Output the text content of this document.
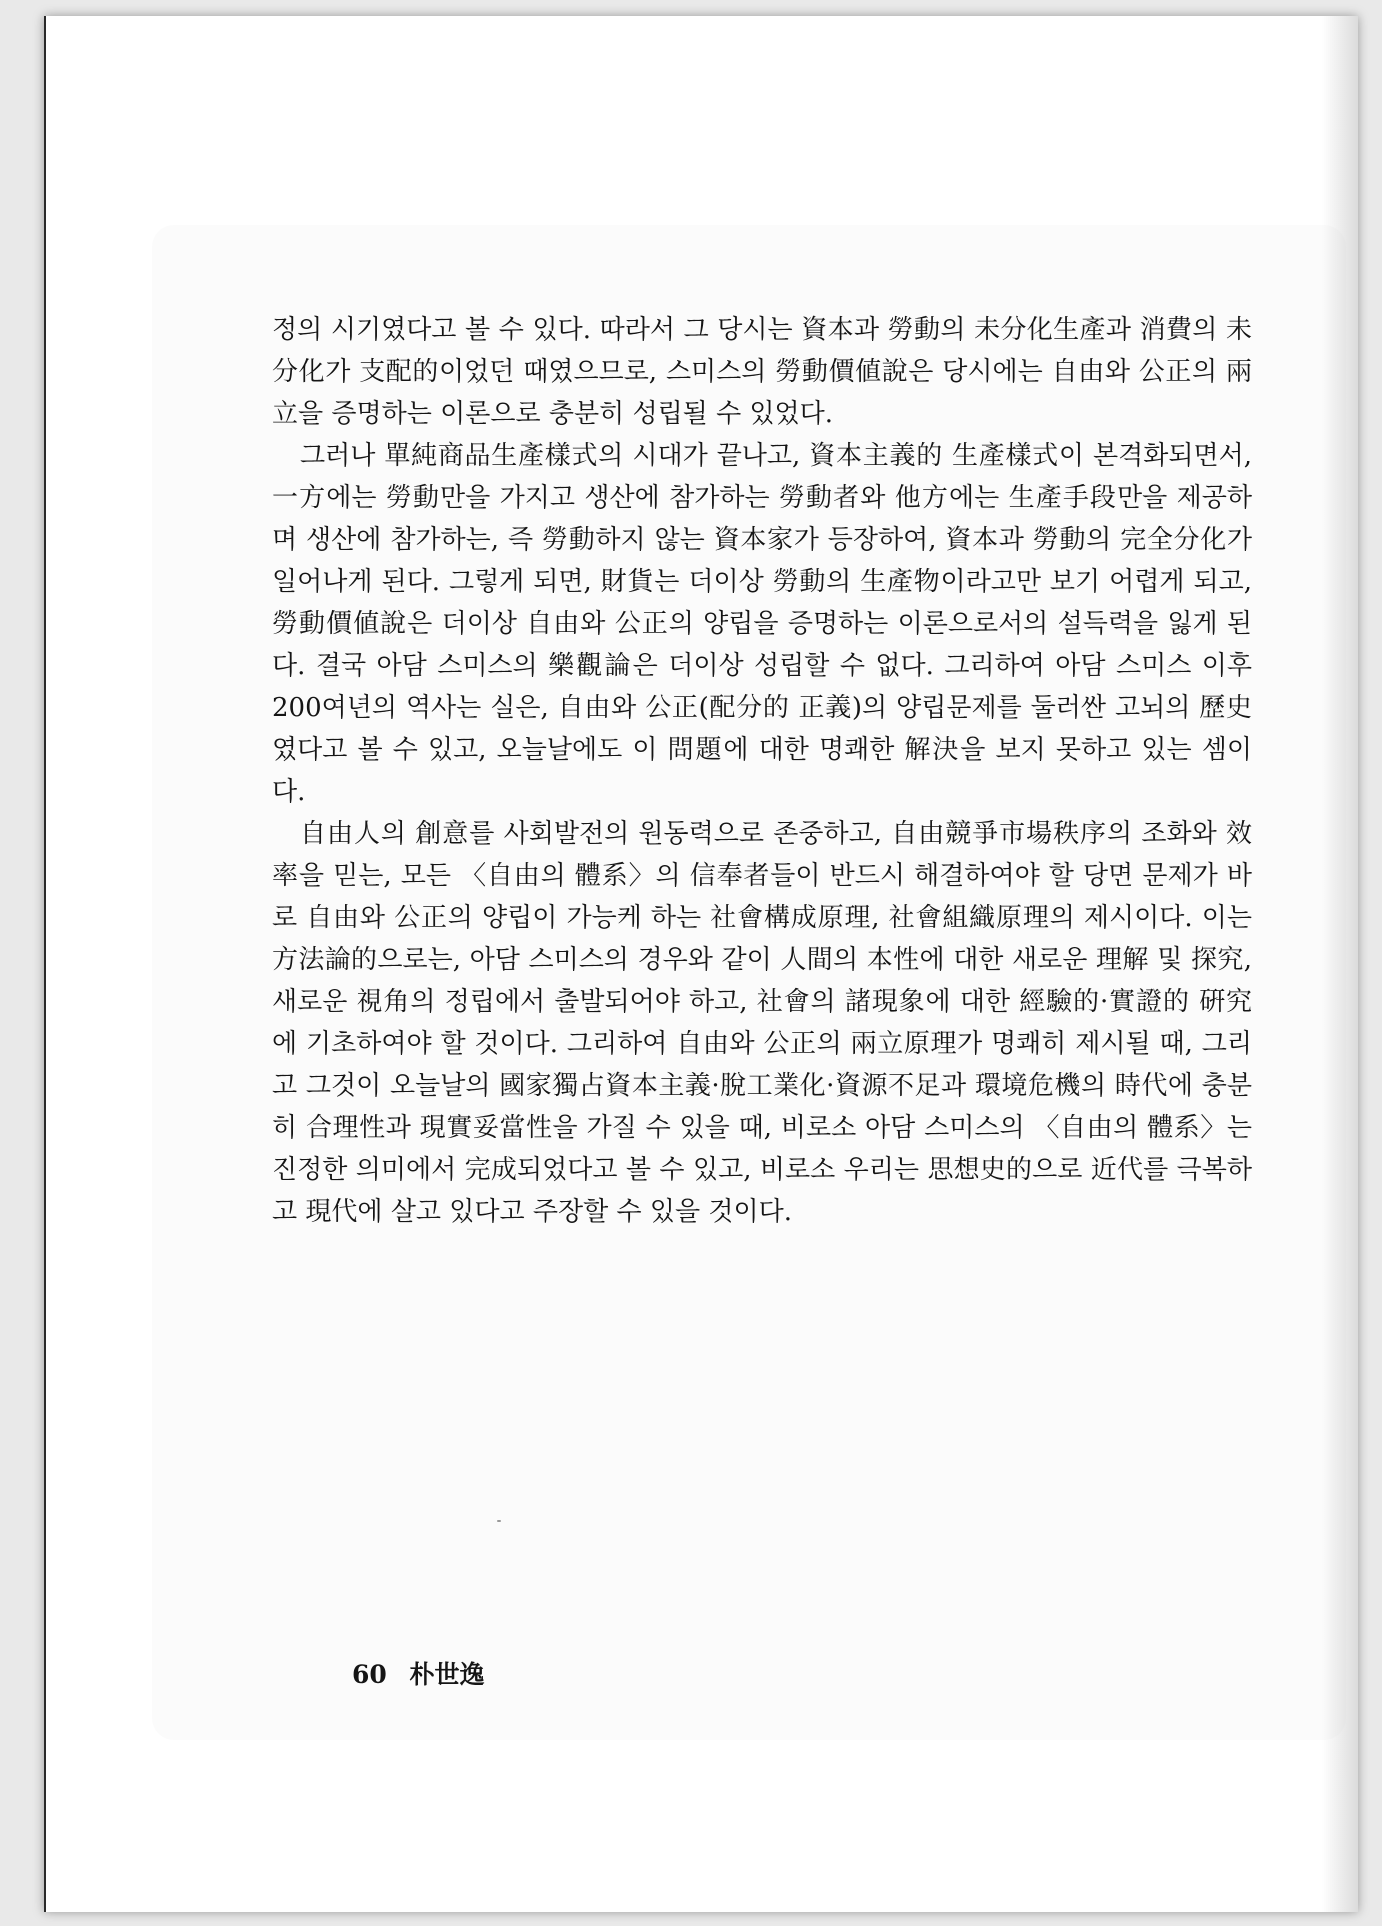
정의 시기였다고 볼 수 있다. 따라서 그 당시는 資本과 勞動의 未分化生產과 消費의 未分化가 支配的이었던 때였으므로, 스미스의 勞動價値說은 당시에는 自由와 公正의 兩立을 증명하는 이론으로 충분히 성립될 수 있었다.

그러나 單純商品生產樣式의 시대가 끝나고, 資本主義的 生產樣式이 본격화되면서, 一方에는 勞動만을 가지고 생산에 참가하는 勞動者와 他方에는 生產手段만을 제공하며 생산에 참가하는, 즉 勞動하지 않는 資本家가 등장하여, 資本과 勞動의 完全分化가 일어나게 된다. 그렇게 되면, 財貨는 더이상 勞動의 生產物이라고만 보기 어렵게 되고, 勞動價値說은 더이상 自由와 公正의 양립을 증명하는 이론으로서의 설득력을 잃게 된다. 결국 아담 스미스의 樂觀論은 더이상 성립할 수 없다. 그리하여 아담 스미스 이후 200여년의 역사는 실은, 自由와 公正(配分的 正義)의 양립문제를 둘러싼 고뇌의 歷史였다고 볼 수 있고, 오늘날에도 이 問題에 대한 명쾌한 解決을 보지 못하고 있는 셈이다.

自由人의 創意를 사회발전의 원동력으로 존중하고, 自由競爭市場秩序의 조화와 效率을 믿는, 모든 〈自由의 體系〉의 信奉者들이 반드시 해결하여야 할 당면 문제가 바로 自由와 公正의 양립이 가능케 하는 社會構成原理, 社會組織原理의 제시이다. 이는 方法論的으로는, 아담 스미스의 경우와 같이 人間의 本性에 대한 새로운 理解 및 探究, 새로운 視角의 정립에서 출발되어야 하고, 社會의 諸現象에 대한 經驗的·實證的 硏究에 기초하여야 할 것이다. 그리하여 自由와 公正의 兩立原理가 명쾌히 제시될 때, 그리고 그것이 오늘날의 國家獨占資本主義·脫工業化·資源不足과 環境危機의 時代에 충분히 合理性과 現實妥當性을 가질 수 있을 때, 비로소 아담 스미스의 〈自由의 體系〉는 진정한 의미에서 完成되었다고 볼 수 있고, 비로소 우리는 思想史的으로 近代를 극복하고 現代에 살고 있다고 주장할 수 있을 것이다.

60 朴世逸
